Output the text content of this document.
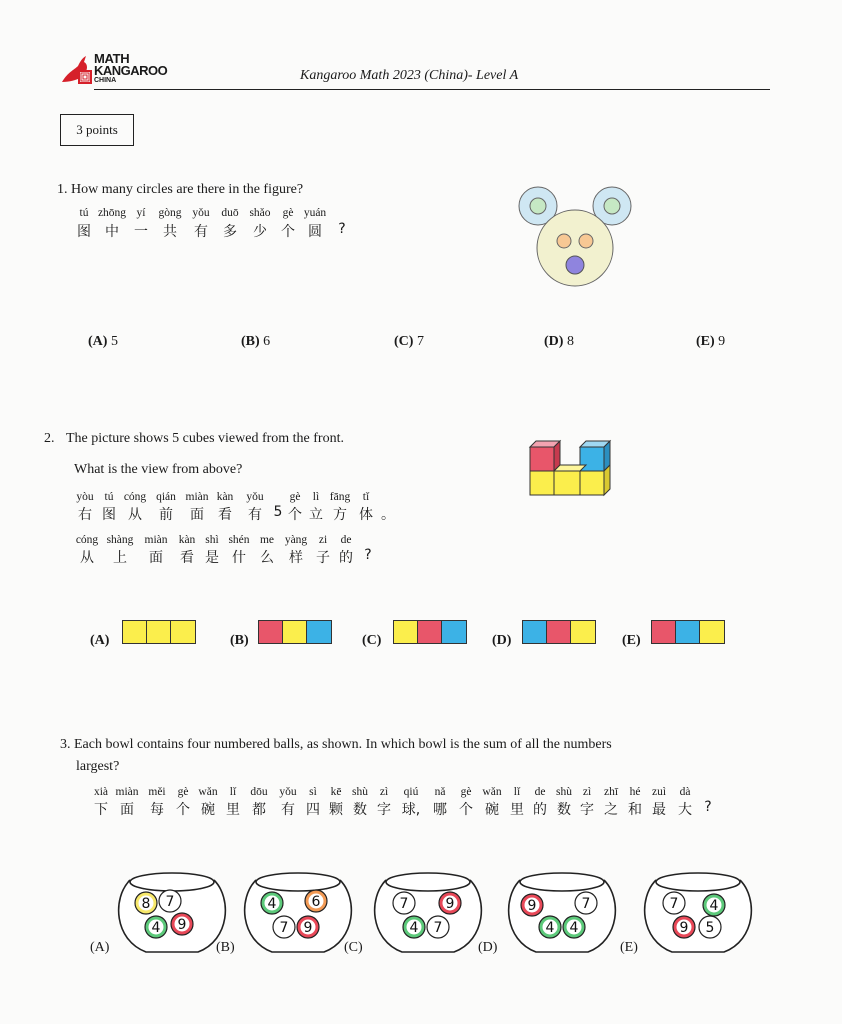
MATH
KANGAROO
CHINA	Kangaroo Math 2023 (China)- Level A
3 points
1. How many circles are there in the figure?
tú zhōng yí	gòng yǒu	duō shǎo	gè yuán
图	中	一	共	有	多	少	个 圆	?
(A) 5	(B) 6	(C) 7	(D) 8	(E) 9
2. The picture shows 5 cubes viewed from the front.
What is the view from above?
yòu tú cóng qián miàn kàn	yǒu	gè	lì fāng	tǐ
右 图 从	前	面	看	有 5 个 立 方 体 。
cóng shàng miàn kàn shì shén me yàng	zi	de
从	上	面	看 是 什	么	样 子 的 ?
(A)	(B)	(C)	(D)	(E)
3. Each bowl contains four numbered balls, as shown. In which bowl is the sum of all the numbers
largest?
xià miàn měi	gè wǎn	lǐ	dōu	yǒu	sì	kē shù	zì	qiú	nǎ	gè wǎn	lǐ	de shù zì	zhī	hé	zuì	dà
下 面	每 个 碗 里 都	有 四 颗 数 字 球, 哪 个 碗 里 的 数 字 之 和 最 大 ?
(A)
8 7
4 9
(B)
4	6
7 9
(C)
7	9
4 7
(D)
9	7
4 4
(E)
7 4
9 5
